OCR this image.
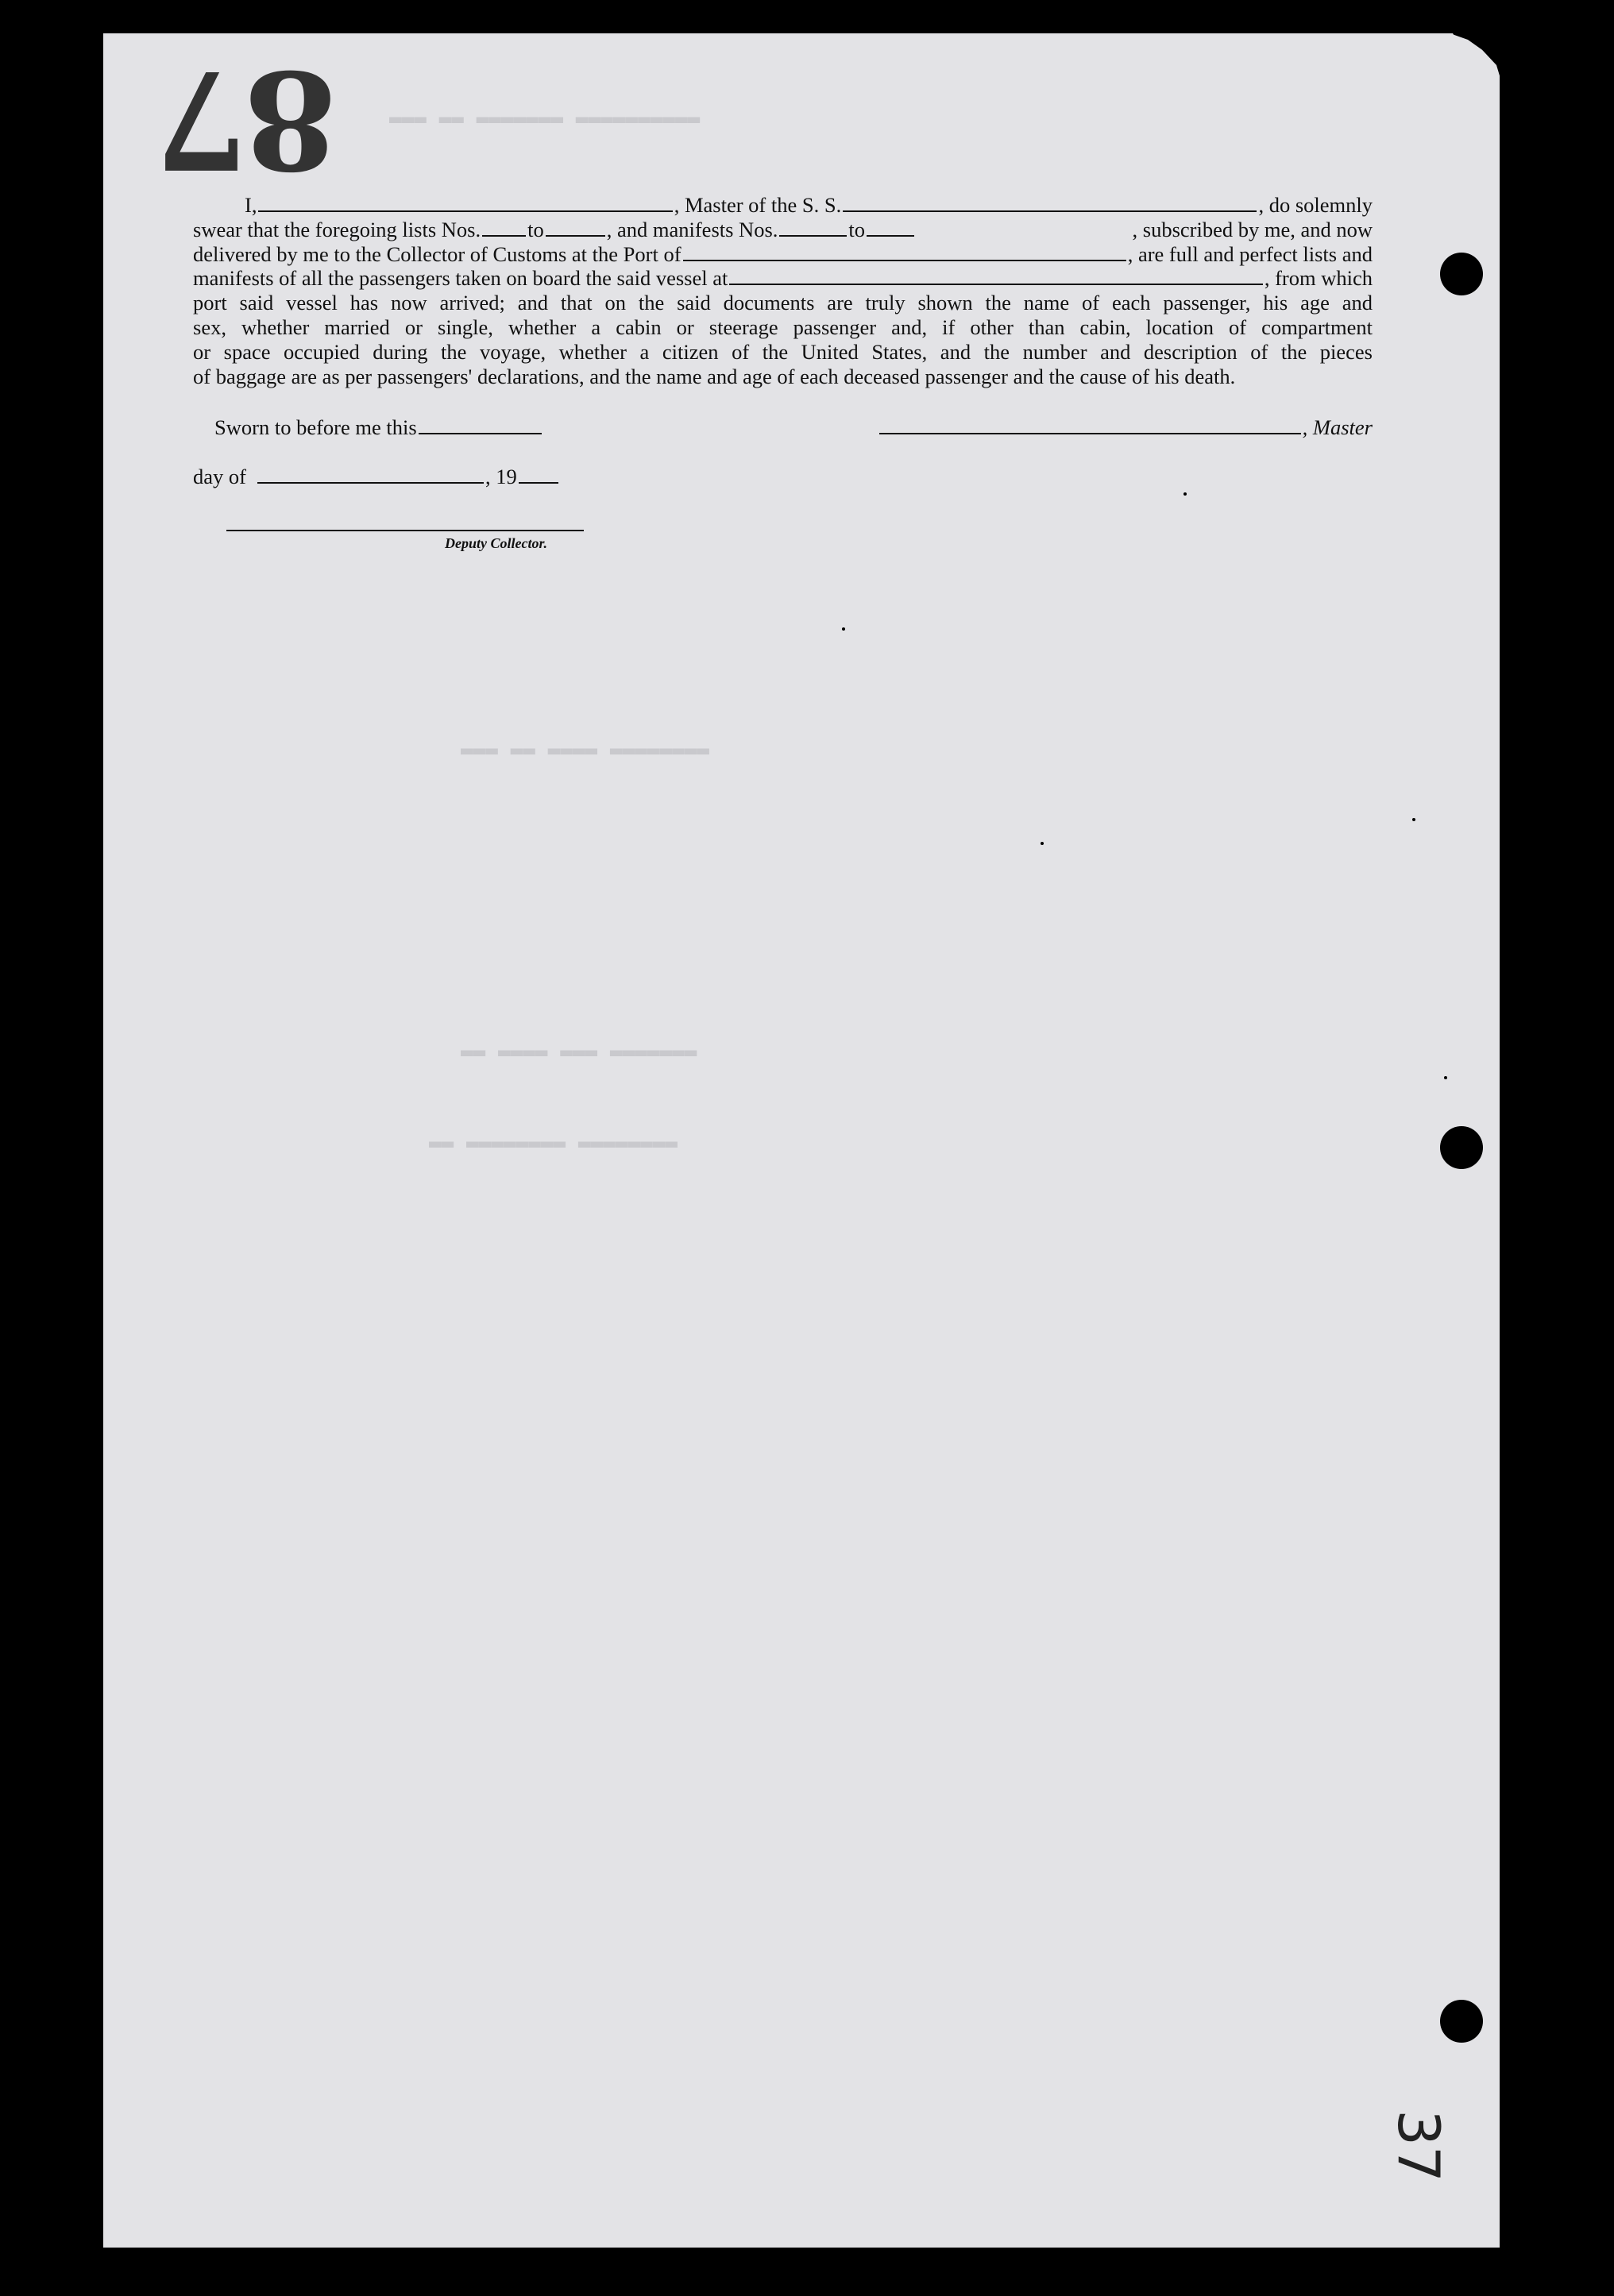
87	▬▬▬ ▬▬ ▬▬▬▬▬▬▬ ▬▬▬▬▬▬▬▬▬▬
▬▬▬ ▬▬ ▬▬▬▬ ▬▬▬▬▬▬▬▬
▬▬ ▬▬▬▬ ▬▬▬ ▬▬▬▬▬▬▬
▬▬ ▬▬▬▬▬▬▬▬ ▬▬▬▬▬▬▬▬
I,	, Master of the S. S.	, do solemnly
swear that the foregoing lists Nos. to	, and manifests Nos.	to	, subscribed by me, and now
delivered by me to the Collector of Customs at the Port of	, are full and perfect lists and
manifests of all the passengers taken on board the said vessel at	, from which
port said vessel has now arrived; and that on the said documents are truly shown the name of each passenger, his age and
sex, whether married or single, whether a cabin or steerage passenger and, if other than cabin, location of compartment
or space occupied during the voyage, whether a citizen of the United States, and the number and description of the pieces
of baggage are as per passengers' declarations, and the name and age of each deceased passenger and the cause of his death.
Sworn to before me this	, Master
day of	, 19
Deputy Collector.
37
